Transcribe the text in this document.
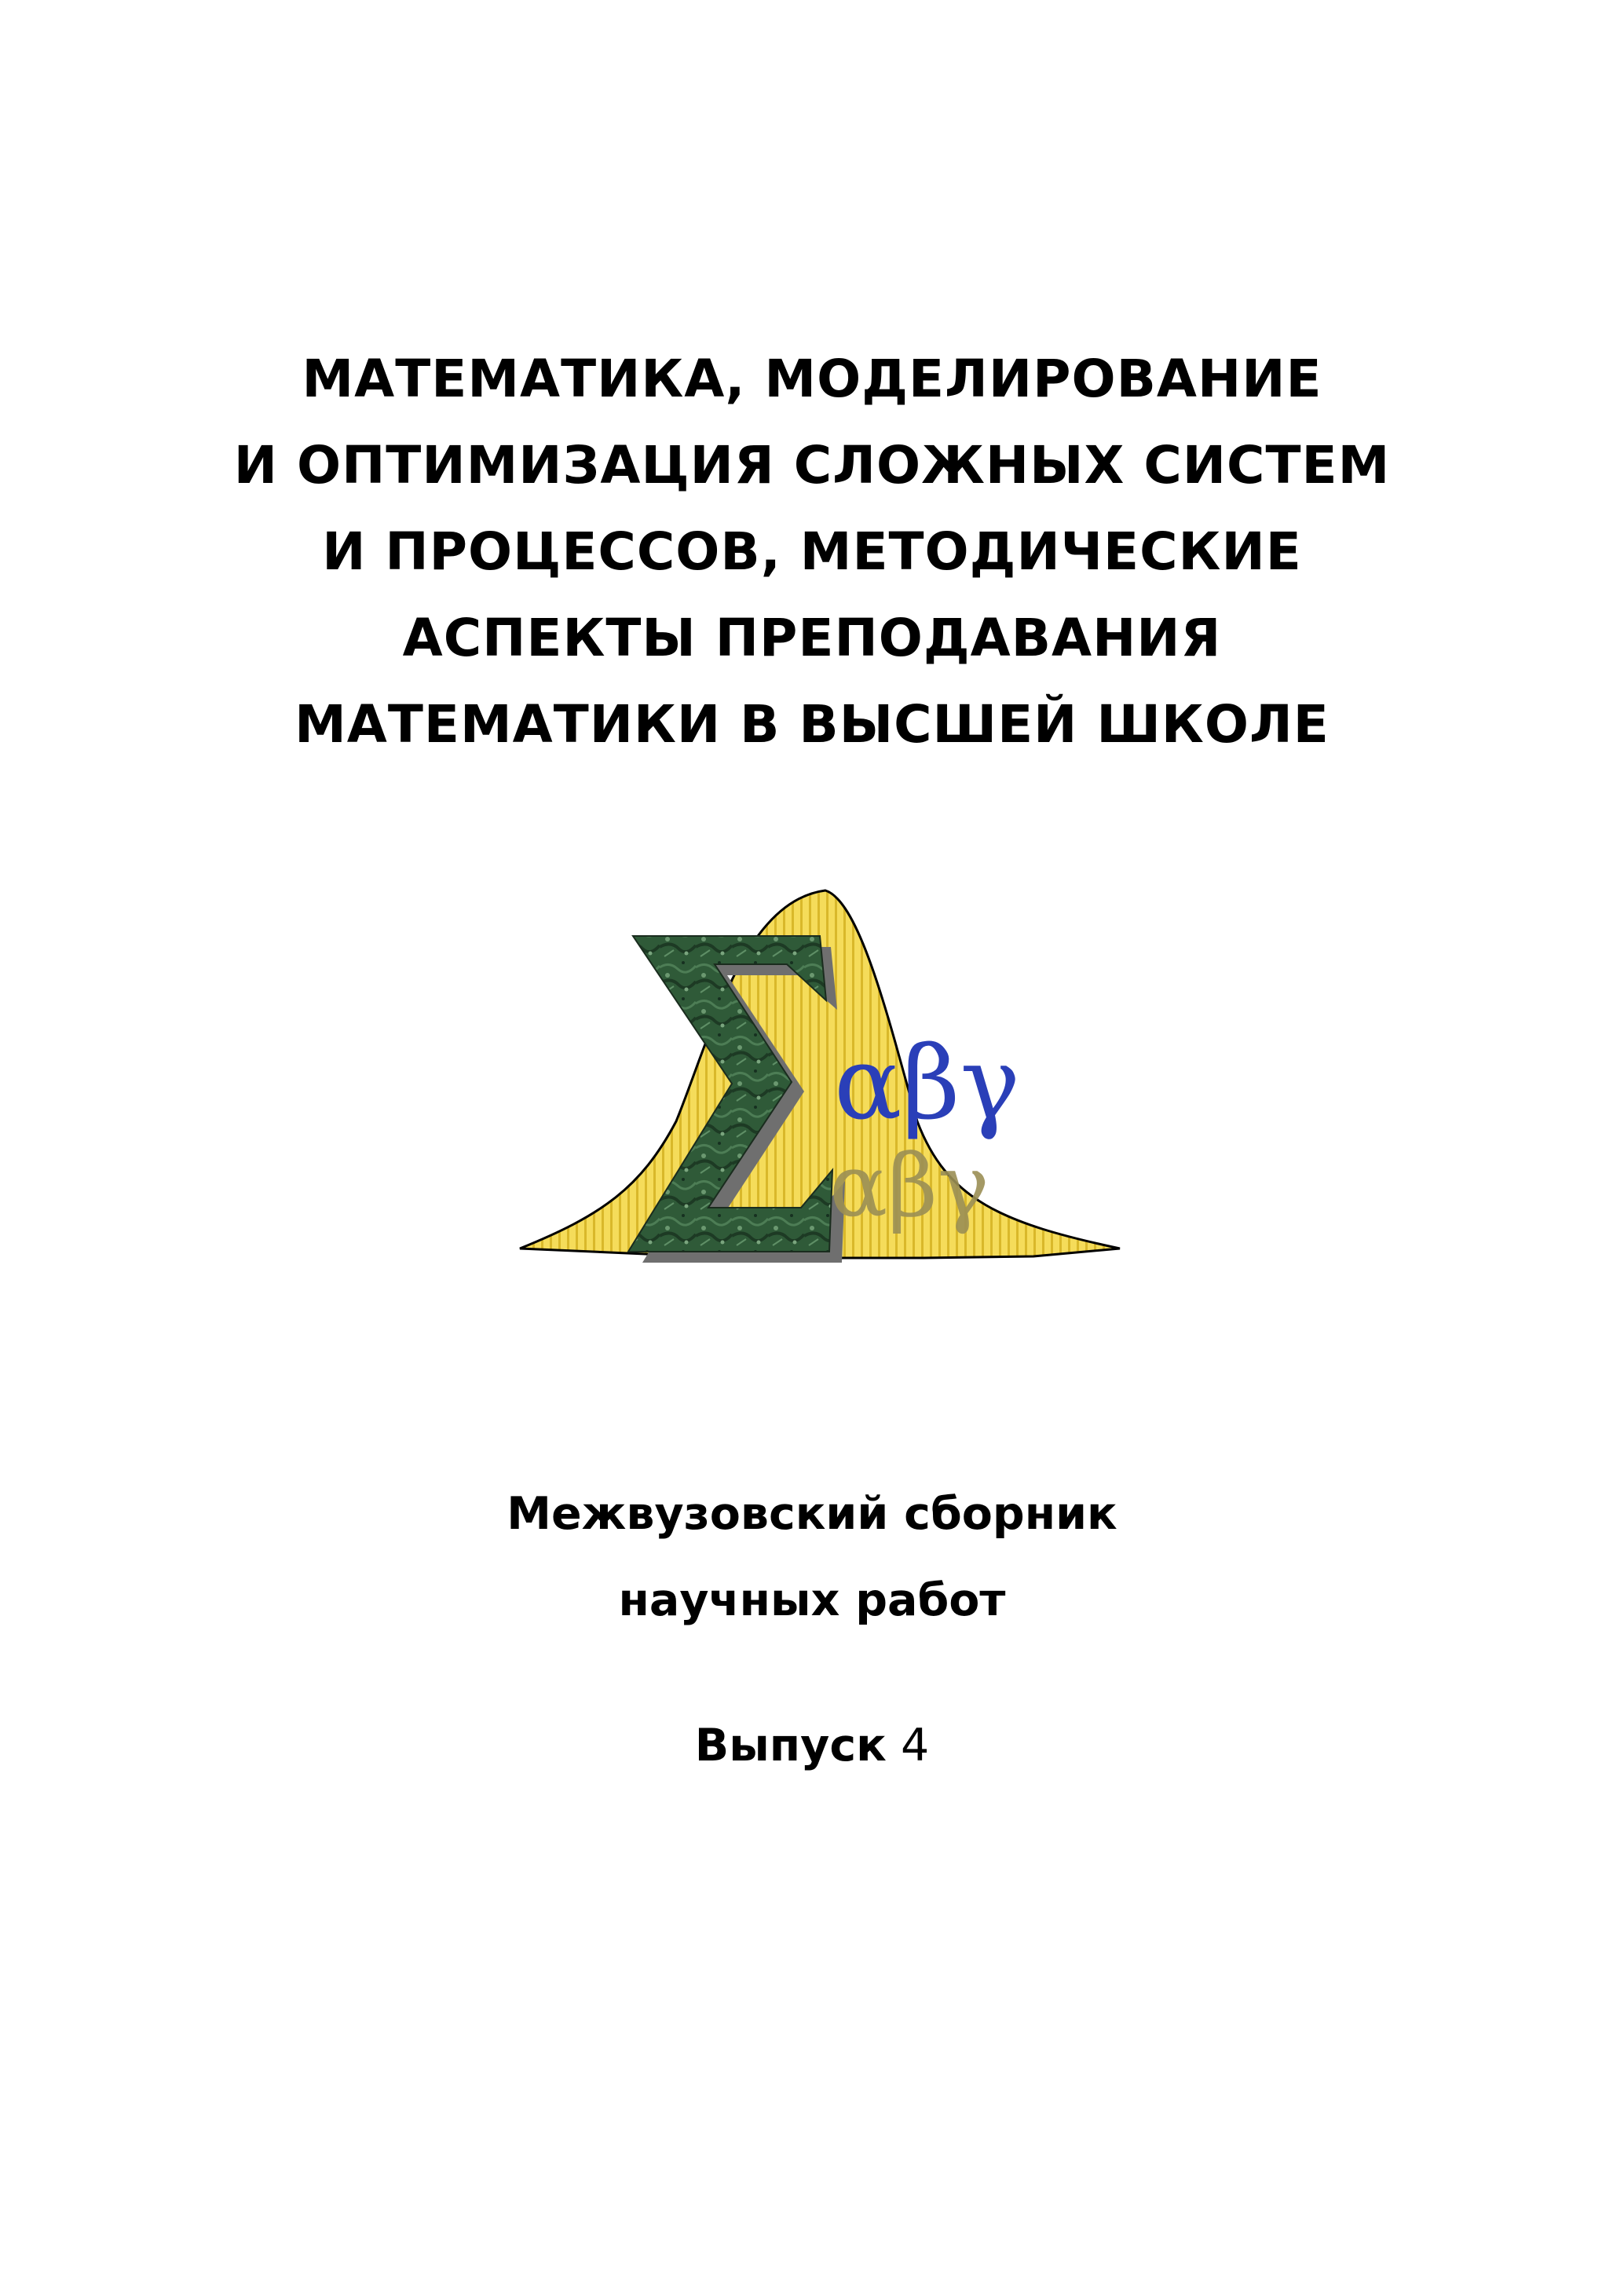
МАТЕМАТИКА, МОДЕЛИРОВАНИЕ
И ОПТИМИЗАЦИЯ СЛОЖНЫХ СИСТЕМ
И ПРОЦЕССОВ, МЕТОДИЧЕСКИЕ
АСПЕКТЫ ПРЕПОДАВАНИЯ
МАТЕМАТИКИ В ВЫСШЕЙ ШКОЛЕ
αβγ
αβγ
Межвузовский сборник
научных работ
Выпуск 4
